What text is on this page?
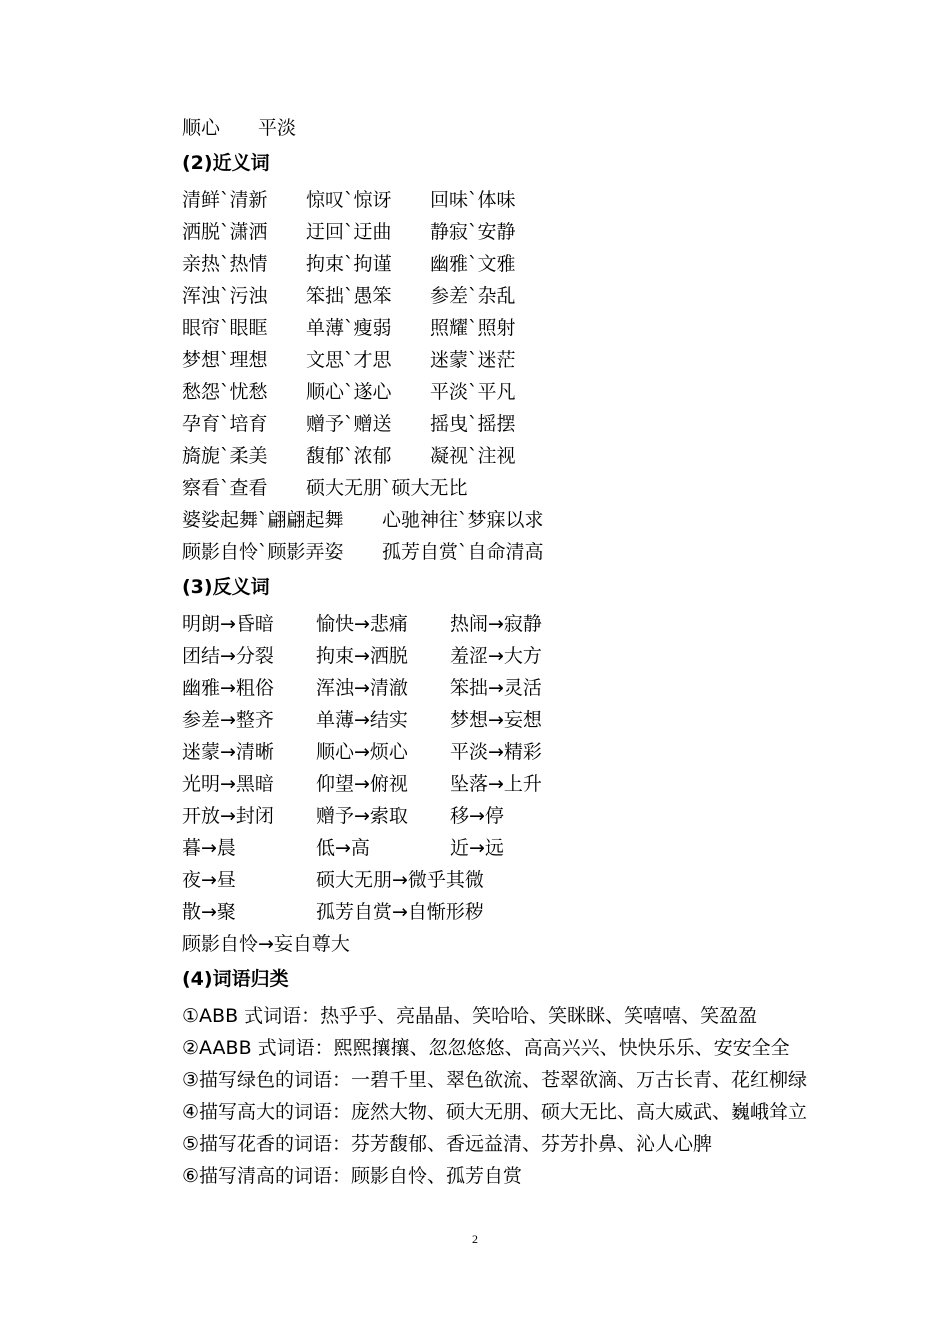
顺心 平淡
(2)近义词
清鲜`清新 惊叹`惊讶 回味`体味
洒脱`潇洒 迂回`迂曲 静寂`安静
亲热`热情 拘束`拘谨 幽雅`文雅
浑浊`污浊 笨拙`愚笨 参差`杂乱
眼帘`眼眶 单薄`瘦弱 照耀`照射
梦想`理想 文思`才思 迷蒙`迷茫
愁怨`忧愁 顺心`遂心 平淡`平凡
孕育`培育 赠予`赠送 摇曳`摇摆
旖旎`柔美 馥郁`浓郁 凝视`注视
察看`查看 硕大无朋`硕大无比
婆娑起舞`翩翩起舞 心驰神往`梦寐以求
顾影自怜`顾影弄姿 孤芳自赏`自命清高
(3)反义词
明朗→昏暗 愉快→悲痛 热闹→寂静
团结→分裂 拘束→洒脱 羞涩→大方
幽雅→粗俗 浑浊→清澈 笨拙→灵活
参差→整齐 单薄→结实 梦想→妄想
迷蒙→清晰 顺心→烦心 平淡→精彩
光明→黑暗 仰望→俯视 坠落→上升
开放→封闭 赠予→索取 移→停
暮→晨	低→高	近→远
夜→昼	硕大无朋→微乎其微
散→聚	孤芳自赏→自惭形秽
顾影自怜→妄自尊大
(4)词语归类
①ABB 式词语：热乎乎、亮晶晶、笑哈哈、笑眯眯、笑嘻嘻、笑盈盈
②AABB 式词语：熙熙攘攘、忽忽悠悠、高高兴兴、快快乐乐、安安全全
③描写绿色的词语：一碧千里、翠色欲流、苍翠欲滴、万古长青、花红柳绿
④描写高大的词语：庞然大物、硕大无朋、硕大无比、高大威武、巍峨耸立
⑤描写花香的词语：芬芳馥郁、香远益清、芬芳扑鼻、沁人心脾
⑥描写清高的词语：顾影自怜、孤芳自赏
2
